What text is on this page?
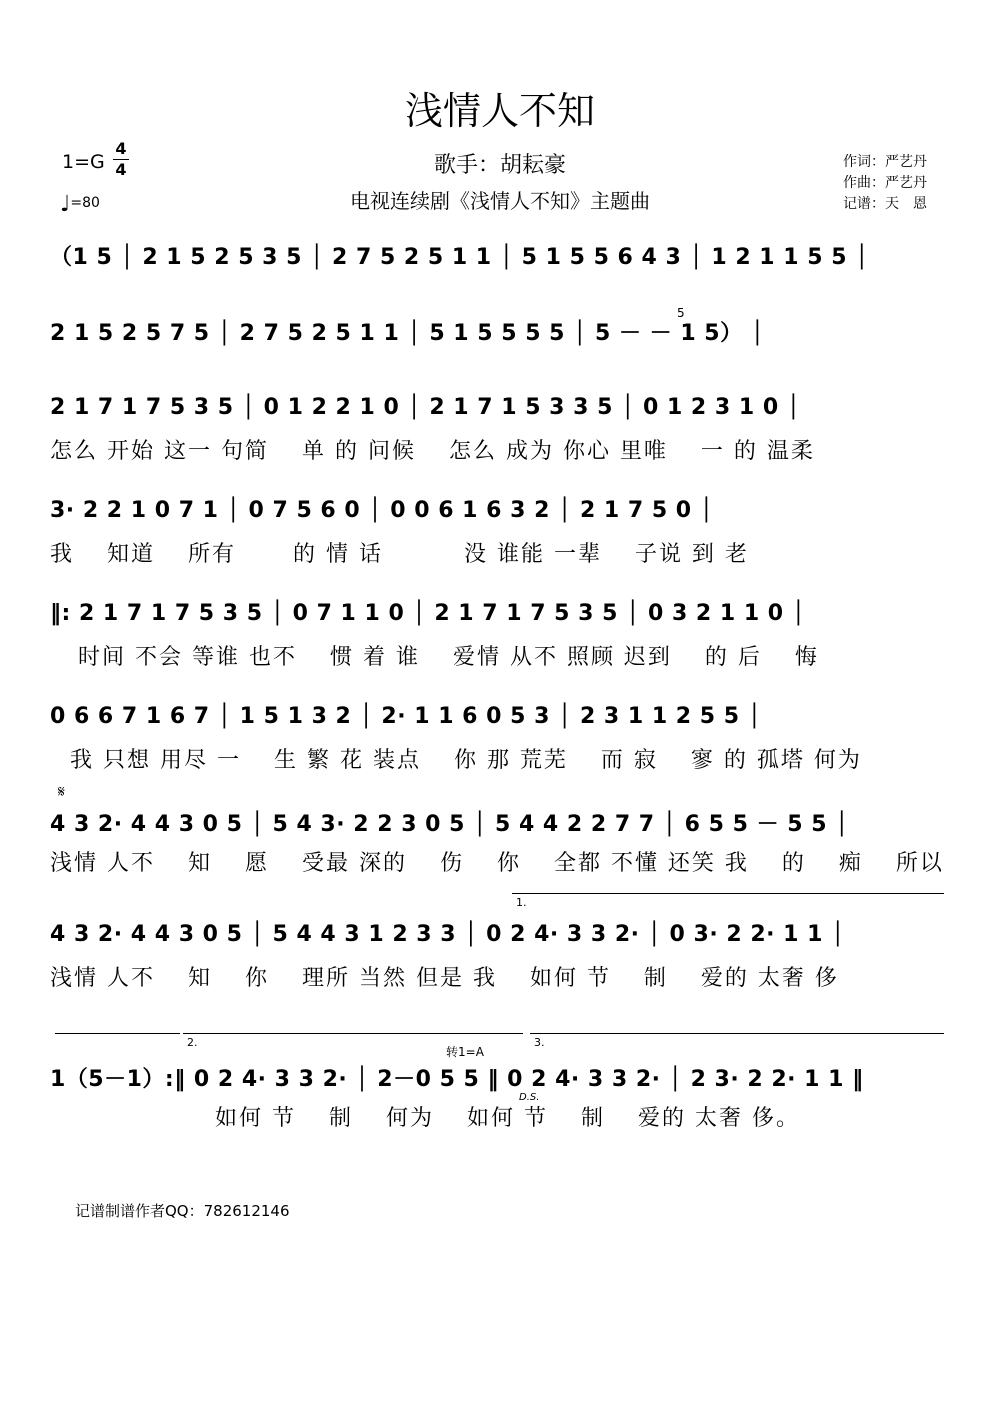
浅情人不知
1=G
4
4
♩=80
歌手：胡耘豪
电视连续剧《浅情人不知》主题曲
作词：严艺丹
作曲：严艺丹
记谱：天　恩
（1 5 │ 2 1 5 2 5 3 5 │ 2 7 5 2 5 1 1 │ 5 1 5 5 6 4 3 │ 1 2 1 1 5 5 │
2 1 5 2 5 7 5 │ 2 7 5 2 5 1 1 │ 5 1 5 5 5 5 │ 5 － － 1 5） │
5
2 1 7 1 7 5 3 5 │ 0 1 2 2 1 0 │ 2 1 7 1 5 3 3 5 │ 0 1 2 3 1 0 │
怎么 开始 这一 句简　 单 的 问候　 怎么 成为 你心 里唯　 一 的 温柔
3· 2 2 1 0 7 1 │ 0 7 5 6 0 │ 0 0 6 1 6 3 2 │ 2 1 7 5 0 │
我　 知道　 所有　　 的 情 话　　　 没 谁能 一辈　 子说 到 老
‖: 2 1 7 1 7 5 3 5 │ 0 7 1 1 0 │ 2 1 7 1 7 5 3 5 │ 0 3 2 1 1 0 │
时间 不会 等谁 也不　 惯 着 谁　 爱情 从不 照顾 迟到　 的 后　 悔
0 6 6 7 1 6 7 │ 1 5 1 3 2 │ 2· 1 1 6 0 5 3 │ 2 3 1 1 2 5 5 │
我 只想 用尽 一　 生 繁 花 装点　 你 那 荒芜　 而 寂　 寥 的 孤塔 何为
𝄋
4 3 2· 4 4 3 0 5 │ 5 4 3· 2 2 3 0 5 │ 5 4 4 2 2 7 7 │ 6 5 5 － 5 5 │
浅情 人不　 知　 愿　 受最 深的　 伤　 你　 全都 不懂 还笑 我　 的　 痴　 所以
1.
4 3 2· 4 4 3 0 5 │ 5 4 4 3 1 2 3 3 │ 0 2 4· 3 3 2· │ 0 3· 2 2· 1 1 │
浅情 人不　 知　 你　 理所 当然 但是 我　 如何 节　 制　 爱的 太奢 侈
2.	3.
转1=A
1（5－1）:‖ 0 2 4· 3 3 2· │ 2－0 5 5 ‖ 0 2 4· 3 3 2· │ 2 3· 2 2· 1 1 ‖
D.S.
如何 节　 制　 何为　 如何 节　 制　 爱的 太奢 侈。
记谱制谱作者QQ：782612146
